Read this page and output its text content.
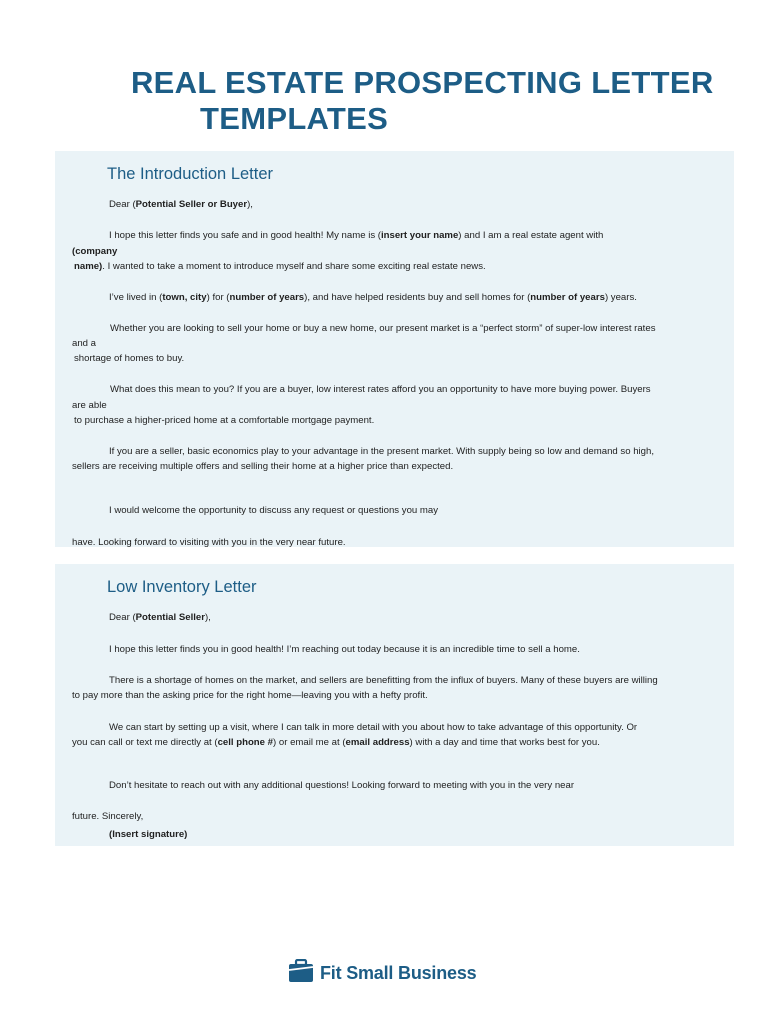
REAL ESTATE PROSPECTING LETTER
TEMPLATES
The Introduction Letter
Dear (Potential Seller or Buyer),
I hope this letter finds you safe and in good health! My name is (insert your name) and I am a real estate agent with
(company
name). I wanted to take a moment to introduce myself and share some exciting real estate news.
I’ve lived in (town, city) for (number of years), and have helped residents buy and sell homes for (number of years) years.
Whether you are looking to sell your home or buy a new home, our present market is a “perfect storm” of super-low interest rates
and a
shortage of homes to buy.
What does this mean to you? If you are a buyer, low interest rates afford you an opportunity to have more buying power. Buyers
are able
to purchase a higher-priced home at a comfortable mortgage payment.
If you are a seller, basic economics play to your advantage in the present market. With supply being so low and demand so high,
sellers are receiving multiple offers and selling their home at a higher price than expected.
I would welcome the opportunity to discuss any request or questions you may
have. Looking forward to visiting with you in the very near future.
Low Inventory Letter
Dear (Potential Seller),
I hope this letter finds you in good health! I’m reaching out today because it is an incredible time to sell a home.
There is a shortage of homes on the market, and sellers are benefitting from the influx of buyers. Many of these buyers are willing
to pay more than the asking price for the right home—leaving you with a hefty profit.
We can start by setting up a visit, where I can talk in more detail with you about how to take advantage of this opportunity. Or
you can call or text me directly at (cell phone #) or email me at (email address) with a day and time that works best for you.
Don’t hesitate to reach out with any additional questions! Looking forward to meeting with you in the very near
future. Sincerely,
(Insert signature)
Fit Small Business
